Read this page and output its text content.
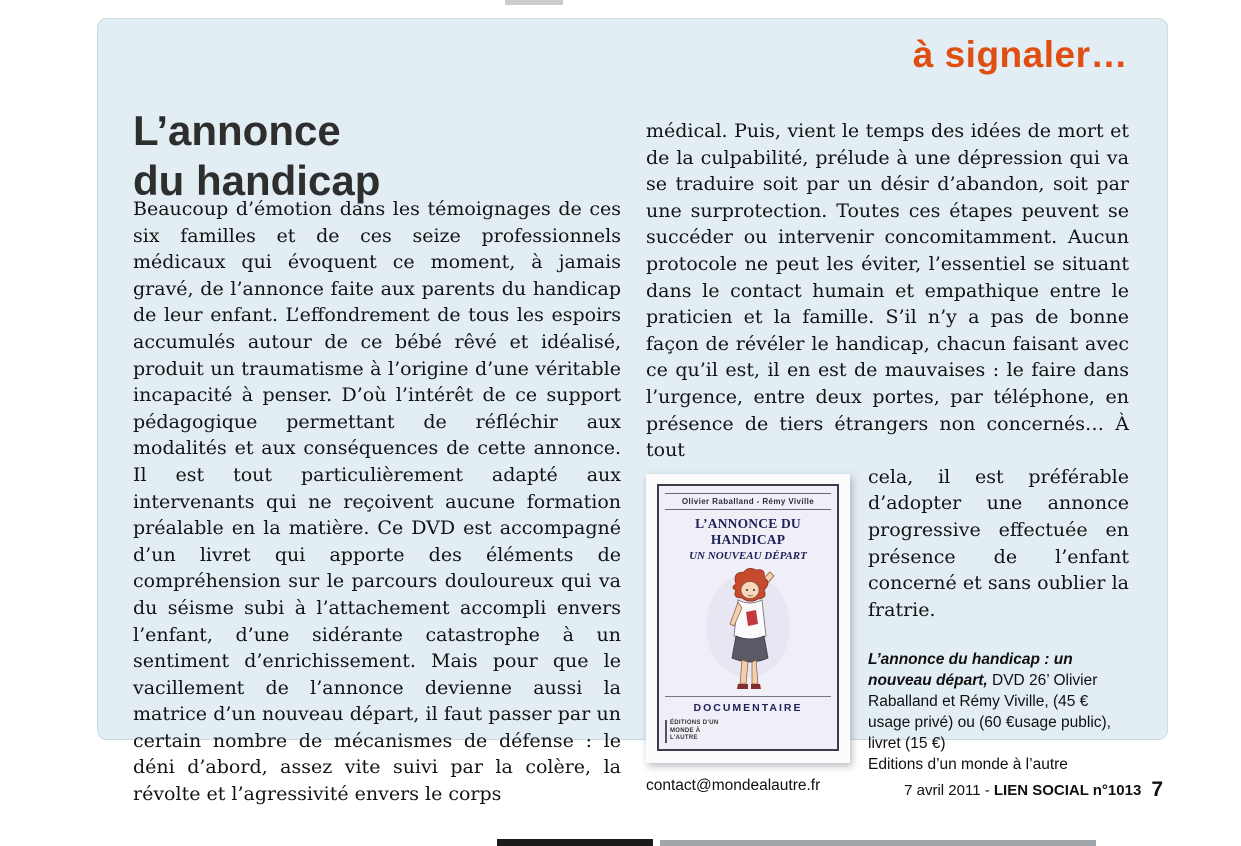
à signaler…
L’annonce
du handicap

Beaucoup d’émotion dans les témoignages de ces six familles et de ces seize professionnels médicaux qui évoquent ce moment, à jamais gravé, de l’annonce faite aux parents du handicap de leur enfant. L’effondrement de tous les espoirs accumulés autour de ce bébé rêvé et idéalisé, produit un traumatisme à l’origine d’une véritable incapacité à penser. D’où l’intérêt de ce support pédagogique permettant de réfléchir aux modalités et aux conséquences de cette annonce. Il est tout particulièrement adapté aux intervenants qui ne reçoivent aucune formation préalable en la matière. Ce DVD est accompagné d’un livret qui apporte des éléments de compréhension sur le parcours douloureux qui va du séisme subi à l’attachement accompli envers l’enfant, d’une sidérante catastrophe à un sentiment d’enrichissement. Mais pour que le vacillement de l’annonce devienne aussi la matrice d’un nouveau départ, il faut passer par un certain nombre de mécanismes de défense : le déni d’abord, assez vite suivi par la colère, la révolte et l’agressivité envers le corps

médical. Puis, vient le temps des idées de mort et de la culpabilité, prélude à une dépression qui va se traduire soit par un désir d’abandon, soit par une surprotection. Toutes ces étapes peuvent se succéder ou intervenir concomitamment. Aucun protocole ne peut les éviter, l’essentiel se situant dans le contact humain et empathique entre le praticien et la famille. S’il n’y a pas de bonne façon de révéler le handicap, chacun faisant avec ce qu’il est, il en est de mauvaises : le faire dans l’urgence, entre deux portes, par téléphone, en présence de tiers étrangers non concernés… À tout

Olivier Raballand - Rémy Viville
L’ANNONCE DU HANDICAP
UN NOUVEAU DÉPART
DOCUMENTAIRE
ÉDITIONS D’UN MONDE À L’AUTRE

cela, il est préférable d’adopter une annonce progressive effectuée en présence de l’enfant concerné et sans oublier la fratrie.

L’annonce du handicap : un nouveau départ, DVD 26’ Olivier Raballand et Rémy Viville, (45 € usage privé) ou (60 €usage public), livret (15 €)
Editions d’un monde à l’autre
contact@mondealautre.fr	7 avril 2011 - LIEN SOCIAL n°1013 7
